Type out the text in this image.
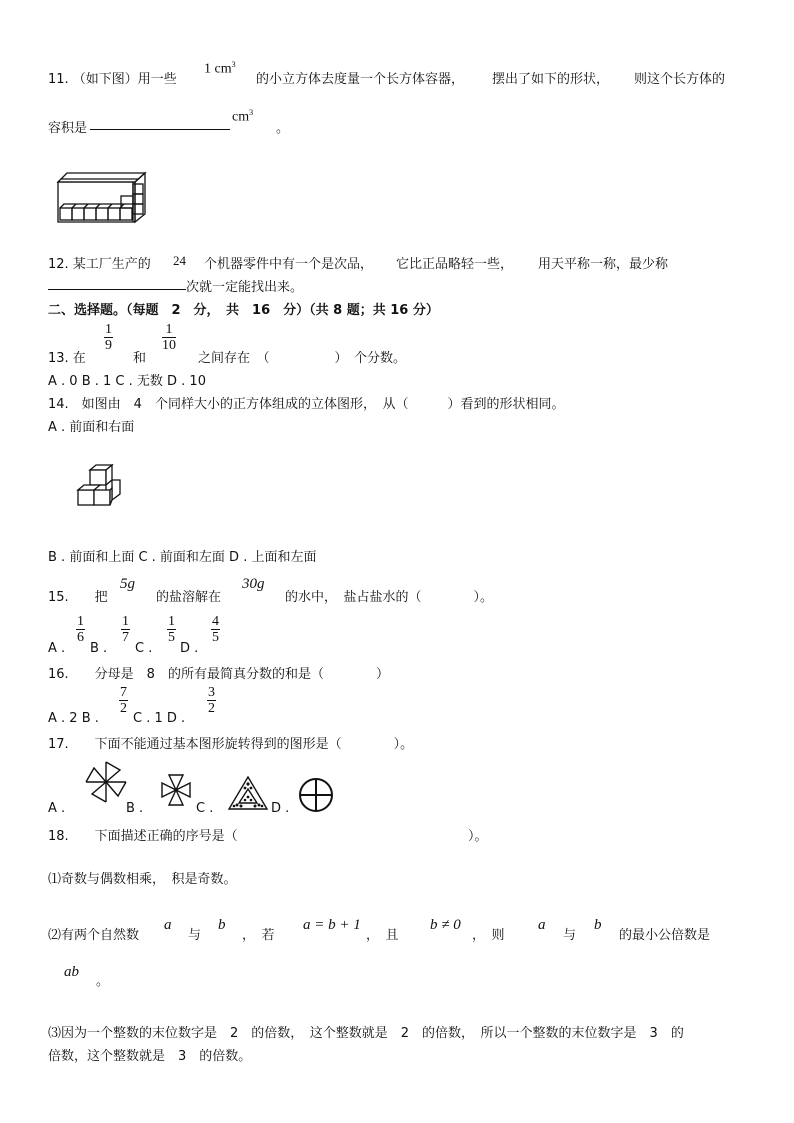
11. （如下图）用一些
1 $cm^3$
的小立方体去度量一个长方体容器， 摆出了如下的形状， 则这个长方体的
容积是
$cm^3$
。
12. 某工厂生产的 24 个机器零件中有一个是次品， 它比正品略轻一些， 用天平称一称，最少称
次就一定能找出来。
二、选择题。（每题　2　分，　共　16　分）（共 8 题；共 16 分）
13. 在
$\frac{1}{9}$
和
$\frac{1}{10}$
之间存在　（　　　　　）　个分数。
A . 0 B . 1 C . 无数 D . 10
14.　如图由　4　个同样大小的正方体组成的立体图形，　从（　　　）看到的形状相同。
A . 前面和右面
B . 前面和上面 C . 前面和左面 D . 上面和左面
15.　　把
5g
的盐溶解在
30g
的水中，　盐占盐水的（　　　　）。
A .
$\frac{1}{6}$
B .
$\frac{1}{7}$
C .
$\frac{1}{5}$
D .
$\frac{4}{5}$
16.　　分母是　8　的所有最简真分数的和是（　　　　）
A . 2 B .
$\frac{7}{2}$
C . 1 D .
$\frac{3}{2}$
17.　　下面不能通过基本图形旋转得到的图形是（　　　　）。
A .	B .	C .	D .
18.　　下面描述正确的序号是（	）。
⑴奇数与偶数相乘，　积是奇数。
⑵有两个自然数
a
与
b
，　若
a = b + 1
，　且
b ≠ 0
，　则
a
与
b
的最小公倍数是
ab
。
⑶因为一个整数的末位数字是　2　的倍数，　这个整数就是　2　的倍数，　所以一个整数的末位数字是　3　的
倍数，这个整数就是　3　的倍数。
